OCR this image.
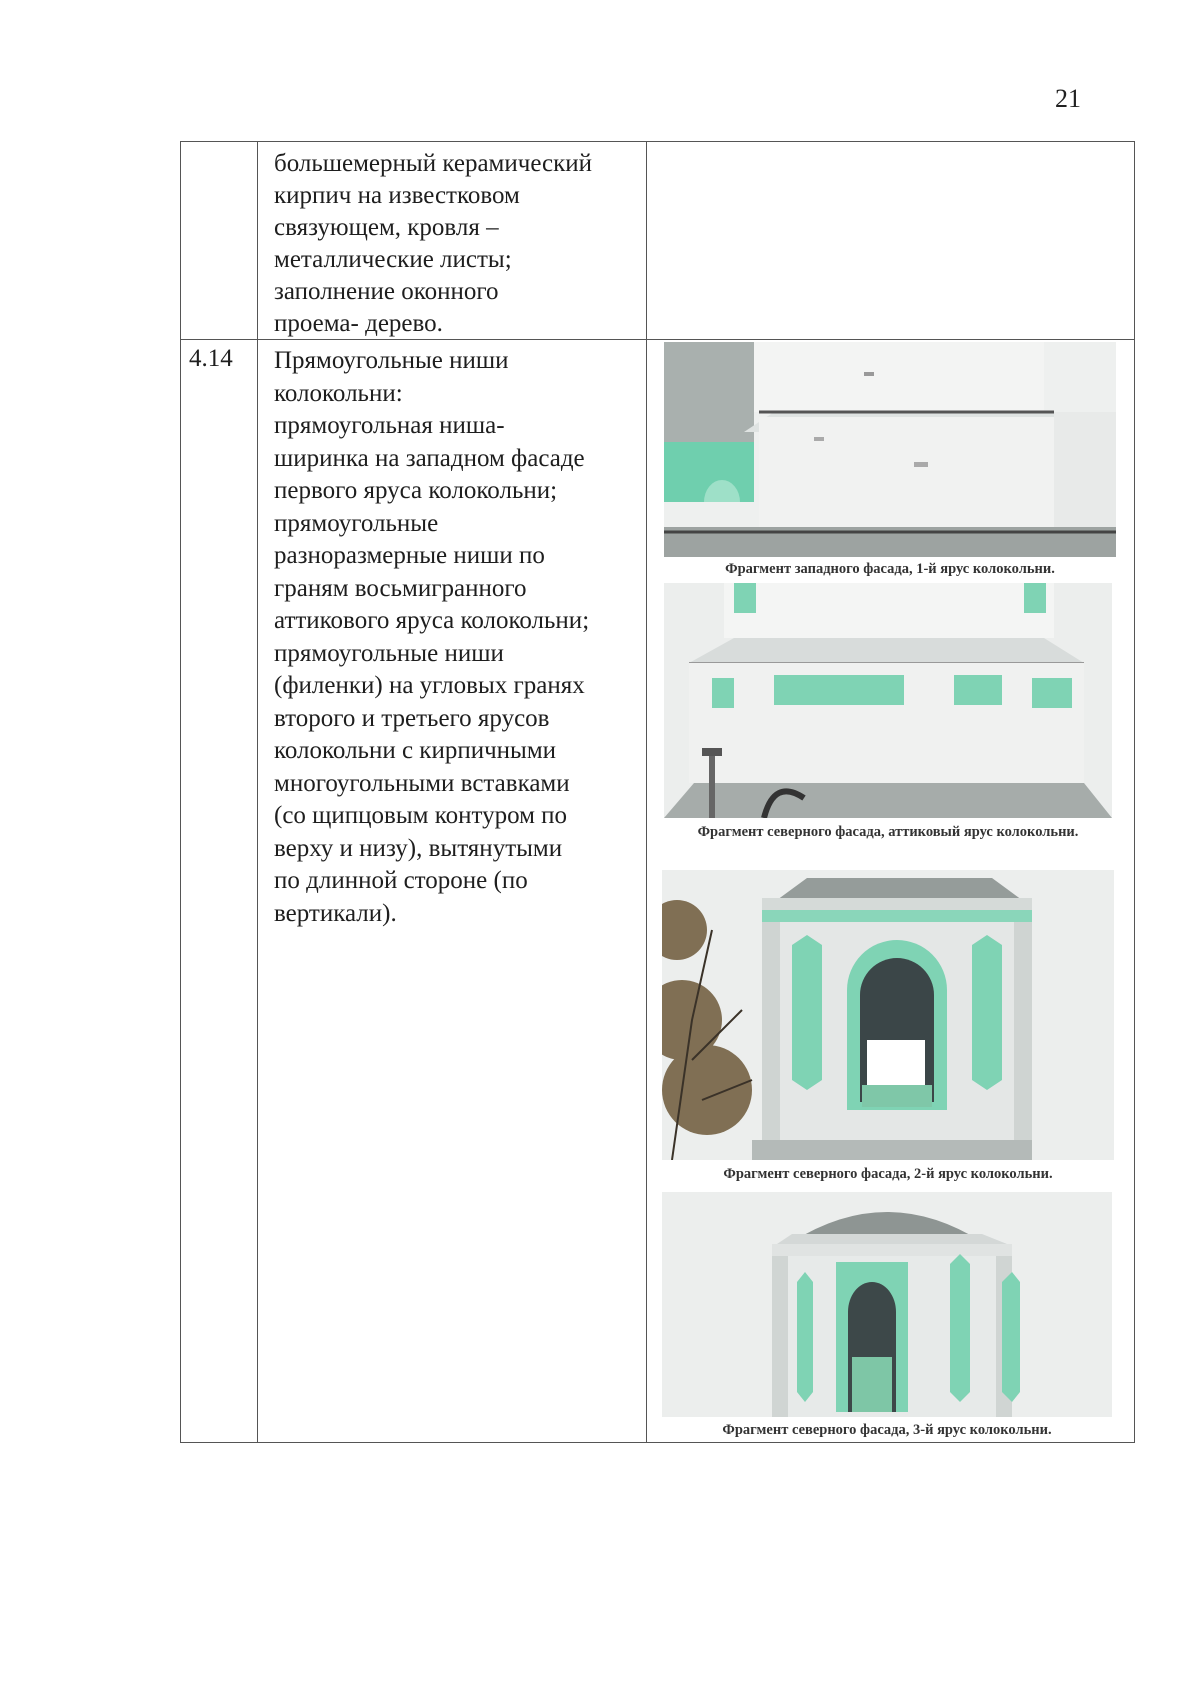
21
большемерный керамический
кирпич на известковом
связующем, кровля –
металлические листы;
заполнение оконного
проема- дерево.
4.14 Прямоугольные ниши
колокольни:
прямоугольная ниша-
ширинка на западном фасаде
первого яруса колокольни;
прямоугольные
разноразмерные ниши по
граням восьмигранного
аттикового яруса колокольни;
прямоугольные ниши
(филенки) на угловых гранях
второго и третьего ярусов
колокольни с кирпичными
многоугольными вставками
(со щипцовым контуром по
верху и низу), вытянутыми
по длинной стороне (по
вертикали).
Фрагмент западного фасада, 1-й ярус колокольни.
Фрагмент северного фасада, аттиковый ярус колокольни.
Фрагмент северного фасада, 2-й ярус колокольни.
Фрагмент северного фасада, 3-й ярус колокольни.
